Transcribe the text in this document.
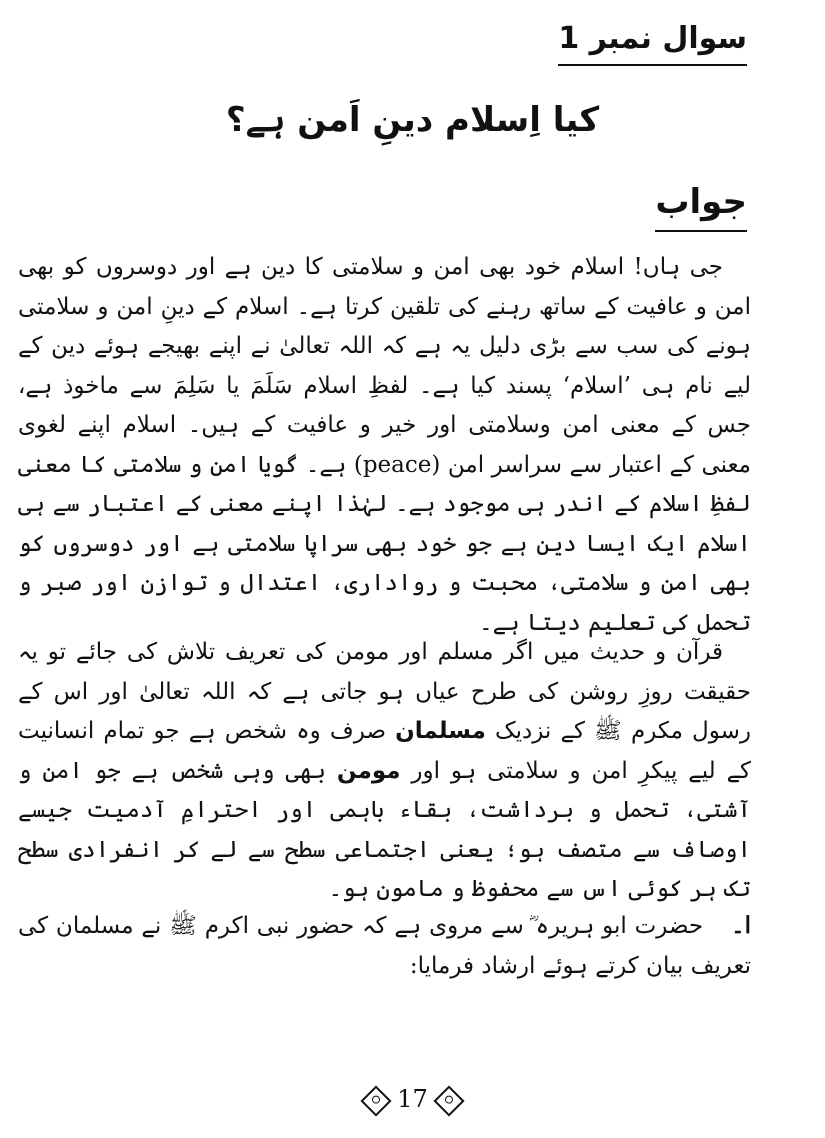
سوال نمبر 1
کیا اِسلام دینِ اَمن ہے؟
جواب
جی ہاں! اسلام خود بھی امن و سلامتی کا دین ہے اور دوسروں کو بھی امن و عافیت کے ساتھ رہنے کی تلقین کرتا ہے۔ اسلام کے دینِ امن و سلامتی ہونے کی سب سے بڑی دلیل یہ ہے کہ اللہ تعالیٰ نے اپنے بھیجے ہوئے دین کے لیے نام ہی ’اسلام‘ پسند کیا ہے۔ لفظِ اسلام سَلَمَ یا سَلِمَ سے ماخوذ ہے، جس کے معنی امن وسلامتی اور خیر و عافیت کے ہیں۔ اسلام اپنے لغوی معنی کے اعتبار سے سراسر امن (peace) ہے۔ گویا امن و سلامتی کا معنی لفظِ اسلام کے اندر ہی موجود ہے۔ لہٰذا اپنے معنی کے اعتبار سے ہی اسلام ایک ایسا دین ہے جو خود بھی سراپا سلامتی ہے اور دوسروں کو بھی امن و سلامتی، محبت و رواداری، اعتدال و توازن اور صبر و تحمل کی تعلیم دیتا ہے۔
قرآن و حدیث میں اگر مسلم اور مومن کی تعریف تلاش کی جائے تو یہ حقیقت روزِ روشن کی طرح عیاں ہو جاتی ہے کہ اللہ تعالیٰ اور اس کے رسول مکرم ﷺ کے نزدیک مسلمان صرف وہ شخص ہے جو تمام انسانیت کے لیے پیکرِ امن و سلامتی ہو اور مومن بھی وہی شخص ہے جو امن و آشتی، تحمل و برداشت، بقاء باہمی اور احترامِ آدمیت جیسے اوصاف سے متصف ہو؛ یعنی اجتماعی سطح سے لے کر انفرادی سطح تک ہر کوئی اس سے محفوظ و مامون ہو۔
ا۔حضرت ابو ہریرہ ؓ سے مروی ہے کہ حضور نبی اکرم ﷺ نے مسلمان کی تعریف بیان کرتے ہوئے ارشاد فرمایا:
17
